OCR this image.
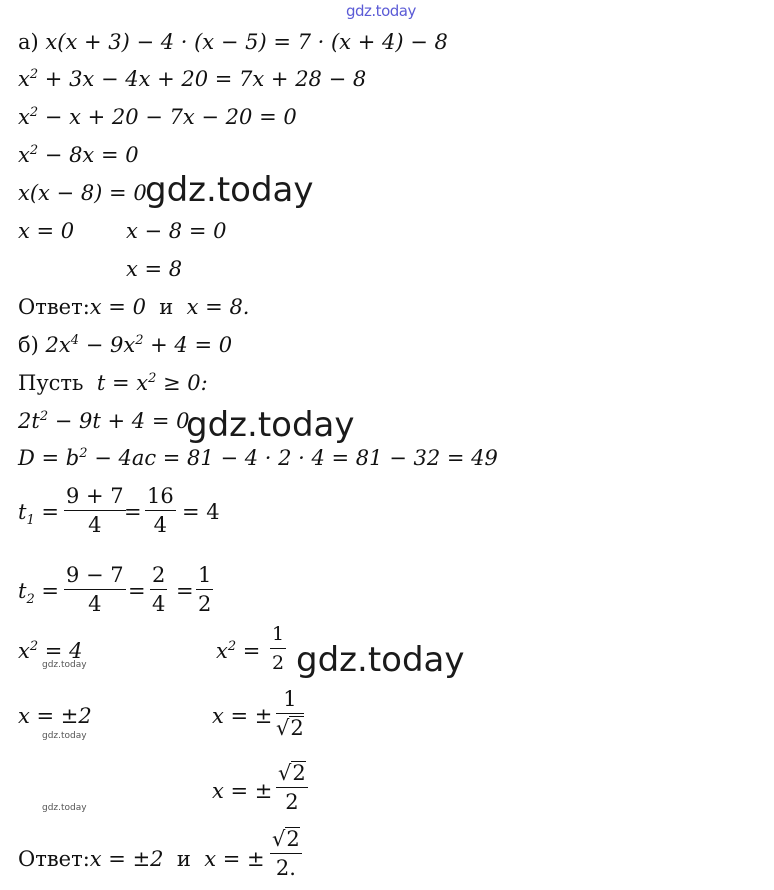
gdz.today
а) x(x + 3) − 4 · (x − 5) = 7 · (x + 4) − 8
$x^2 + 3x - 4x + 20 = 7x + 28 - 8$
$x^2 - x + 20 - 7x - 20 = 0$
$x^2 - 8x = 0$
x(x − 8) = 0
gdz.today
x = 0 x − 8 = 0
x = 8
Ответ:x = 0 и x = 8.
б) $2x^4 - 9x^2 + 4 = 0$
Пусть $t = x^2 \ge 0$:
$2t^2 - 9t + 4 = 0$
gdz.today
$D = b^2 - 4ac = 81 - 4 \cdot 2 \cdot 4 = 81 - 32 = 49$
$t_1 = \frac{9 + 7}{4}$
= $\frac{16}{4} = 4$
$t_2 = \frac{9 - 7}{4} = \frac{2}{4} = \frac{1}{2}$
$x^2 = 4$
gdz.today
x = ±2
gdz.today
gdz.today
$x^2 = \frac{1}{2}$ gdz.today
x = ± $\frac{1}{√2}$
x = ± $\frac{√2}{2}$
Ответ:x = ±2 и x = ± $\frac{√2}{2.}$
